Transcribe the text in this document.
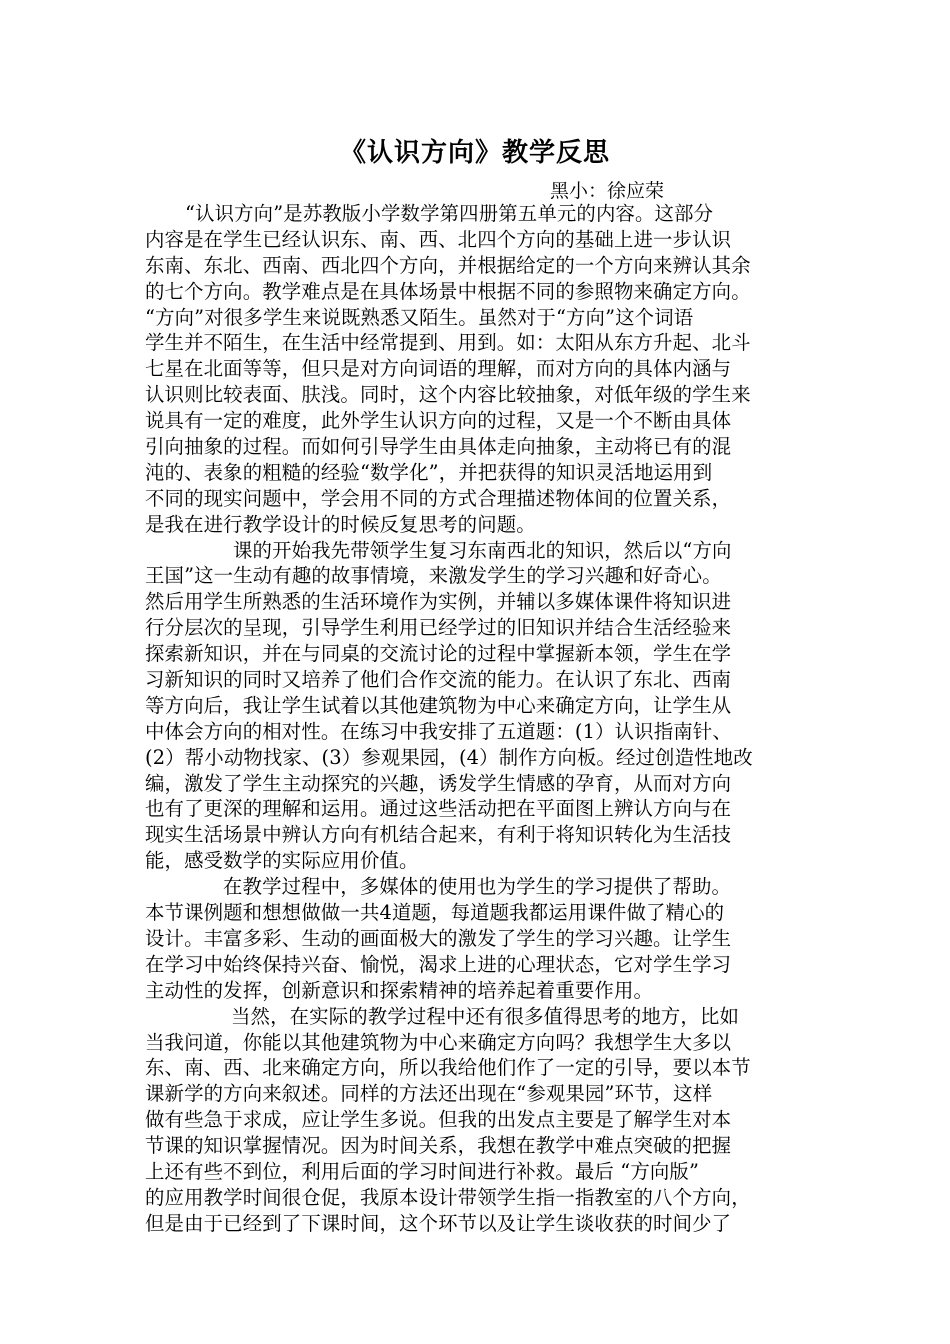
《认识方向》教学反思
黑小：徐应荣
“认识方向”是苏教版小学数学第四册第五单元的内容。这部分
内容是在学生已经认识东、南、西、北四个方向的基础上进一步认识
东南、东北、西南、西北四个方向，并根据给定的一个方向来辨认其余
的七个方向。教学难点是在具体场景中根据不同的参照物来确定方向。
“方向”对很多学生来说既熟悉又陌生。虽然对于“方向”这个词语
学生并不陌生，在生活中经常提到、用到。如：太阳从东方升起、北斗
七星在北面等等，但只是对方向词语的理解，而对方向的具体内涵与
认识则比较表面、肤浅。同时，这个内容比较抽象，对低年级的学生来
说具有一定的难度，此外学生认识方向的过程，又是一个不断由具体
引向抽象的过程。而如何引导学生由具体走向抽象，主动将已有的混
沌的、表象的粗糙的经验“数学化”，并把获得的知识灵活地运用到
不同的现实问题中，学会用不同的方式合理描述物体间的位置关系，
是我在进行教学设计的时候反复思考的问题。
课的开始我先带领学生复习东南西北的知识，然后以“方向
王国”这一生动有趣的故事情境，来激发学生的学习兴趣和好奇心。
然后用学生所熟悉的生活环境作为实例，并辅以多媒体课件将知识进
行分层次的呈现，引导学生利用已经学过的旧知识并结合生活经验来
探索新知识，并在与同桌的交流讨论的过程中掌握新本领，学生在学
习新知识的同时又培养了他们合作交流的能力。在认识了东北、西南
等方向后，我让学生试着以其他建筑物为中心来确定方向，让学生从
中体会方向的相对性。在练习中我安排了五道题：(1）认识指南针、
(2）帮小动物找家、(3）参观果园，(4）制作方向板。经过创造性地改
编，激发了学生主动探究的兴趣，诱发学生情感的孕育，从而对方向
也有了更深的理解和运用。通过这些活动把在平面图上辨认方向与在
现实生活场景中辨认方向有机结合起来，有利于将知识转化为生活技
能，感受数学的实际应用价值。
在教学过程中，多媒体的使用也为学生的学习提供了帮助。
本节课例题和想想做做一共4道题，每道题我都运用课件做了精心的
设计。丰富多彩、生动的画面极大的激发了学生的学习兴趣。让学生
在学习中始终保持兴奋、愉悦，渴求上进的心理状态，它对学生学习
主动性的发挥，创新意识和探索精神的培养起着重要作用。
当然，在实际的教学过程中还有很多值得思考的地方，比如
当我问道，你能以其他建筑物为中心来确定方向吗？我想学生大多以
东、南、西、北来确定方向，所以我给他们作了一定的引导，要以本节
课新学的方向来叙述。同样的方法还出现在“参观果园”环节，这样
做有些急于求成，应让学生多说。但我的出发点主要是了解学生对本
节课的知识掌握情况。因为时间关系，我想在教学中难点突破的把握
上还有些不到位，利用后面的学习时间进行补救。最后 “方向版”
的应用教学时间很仓促，我原本设计带领学生指一指教室的八个方向，
但是由于已经到了下课时间，这个环节以及让学生谈收获的时间少了
